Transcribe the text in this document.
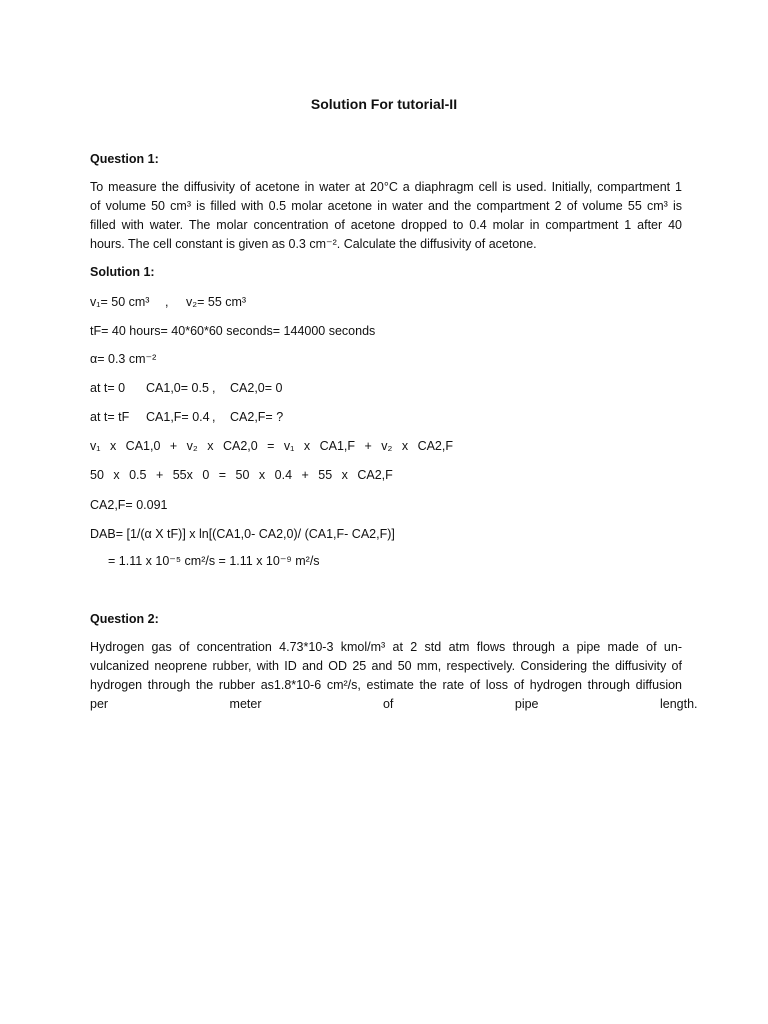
Solution For tutorial-II
Question 1:
To measure the diffusivity of acetone in water at 20°C a diaphragm cell is used. Initially, compartment 1
of volume 50 cm³ is filled with 0.5 molar acetone in water and the compartment 2 of volume 55 cm³ is
filled with water. The molar concentration of acetone dropped to 0.4 molar in compartment 1 after 40
hours. The cell constant is given as 0.3 cm⁻². Calculate the diffusivity of acetone.
Solution 1:
v₁= 50 cm³ , v₂= 55 cm³
tF= 40 hours= 40*60*60 seconds= 144000 seconds
α= 0.3 cm⁻²
at t= 0 CA1,0= 0.5 , CA2,0= 0
at t= tF CA1,F= 0.4 , CA2,F= ?
v₁ x CA1,0 + v₂ x CA2,0 = v₁ x CA1,F + v₂ x CA2,F
50 x 0.5 + 55x 0 = 50 x 0.4 + 55 x CA2,F
CA2,F= 0.091
DAB= [1/(α X tF)] x ln[(CA1,0- CA2,0)/ (CA1,F- CA2,F)]
= 1.11 x 10⁻⁵ cm²/s = 1.11 x 10⁻⁹ m²/s
Question 2:
Hydrogen gas of concentration 4.73*10-3 kmol/m³ at 2 std atm flows through a pipe made of un-
vulcanized neoprene rubber, with ID and OD 25 and 50 mm, respectively. Considering the diffusivity of
hydrogen through the rubber as1.8*10-6 cm²/s, estimate the rate of loss of hydrogen through diffusion
per meter of pipe length.
